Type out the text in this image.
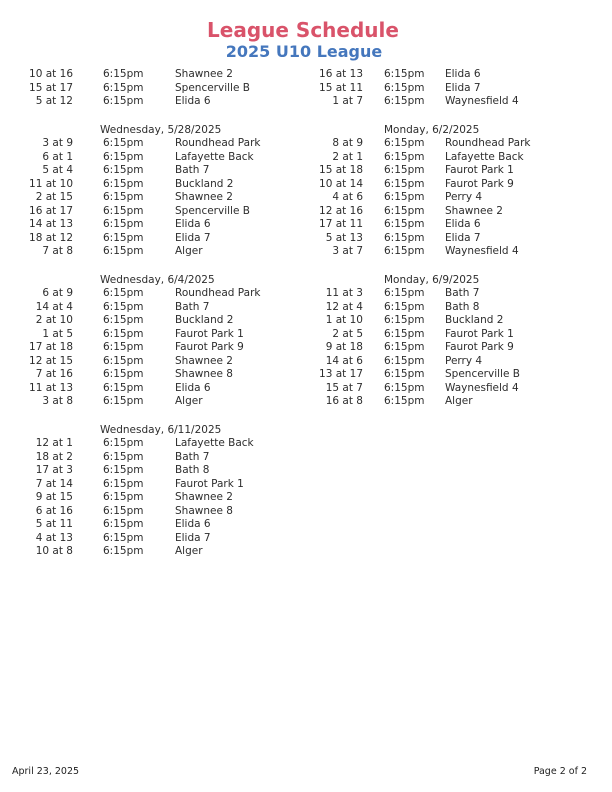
League Schedule
2025 U10 League
10 at 16	6:15pm	Shawnee 2
15 at 17	6:15pm	Spencerville B
5 at 12	6:15pm	Elida 6
Wednesday, 5/28/2025
3 at 9	6:15pm	Roundhead Park
6 at 1	6:15pm	Lafayette Back
5 at 4	6:15pm	Bath 7
11 at 10	6:15pm	Buckland 2
2 at 15	6:15pm	Shawnee 2
16 at 17	6:15pm	Spencerville B
14 at 13	6:15pm	Elida 6
18 at 12	6:15pm	Elida 7
7 at 8	6:15pm	Alger
Wednesday, 6/4/2025
6 at 9	6:15pm	Roundhead Park
14 at 4	6:15pm	Bath 7
2 at 10	6:15pm	Buckland 2
1 at 5	6:15pm	Faurot Park 1
17 at 18	6:15pm	Faurot Park 9
12 at 15	6:15pm	Shawnee 2
7 at 16	6:15pm	Shawnee 8
11 at 13	6:15pm	Elida 6
3 at 8	6:15pm	Alger
Wednesday, 6/11/2025
12 at 1	6:15pm	Lafayette Back
18 at 2	6:15pm	Bath 7
17 at 3	6:15pm	Bath 8
7 at 14	6:15pm	Faurot Park 1
9 at 15	6:15pm	Shawnee 2
6 at 16	6:15pm	Shawnee 8
5 at 11	6:15pm	Elida 6
4 at 13	6:15pm	Elida 7
10 at 8	6:15pm	Alger
16 at 13 6:15pm Elida 6
15 at 11 6:15pm Elida 7
1 at 7 6:15pm Waynesfield 4
Monday, 6/2/2025
8 at 9 6:15pm Roundhead Park
2 at 1 6:15pm Lafayette Back
15 at 18 6:15pm Faurot Park 1
10 at 14 6:15pm Faurot Park 9
4 at 6 6:15pm Perry 4
12 at 16 6:15pm Shawnee 2
17 at 11 6:15pm Elida 6
5 at 13 6:15pm Elida 7
3 at 7 6:15pm Waynesfield 4
Monday, 6/9/2025
11 at 3 6:15pm Bath 7
12 at 4 6:15pm Bath 8
1 at 10 6:15pm Buckland 2
2 at 5 6:15pm Faurot Park 1
9 at 18 6:15pm Faurot Park 9
14 at 6 6:15pm Perry 4
13 at 17 6:15pm Spencerville B
15 at 7 6:15pm Waynesfield 4
16 at 8 6:15pm Alger
April 23, 2025	Page 2 of 2
